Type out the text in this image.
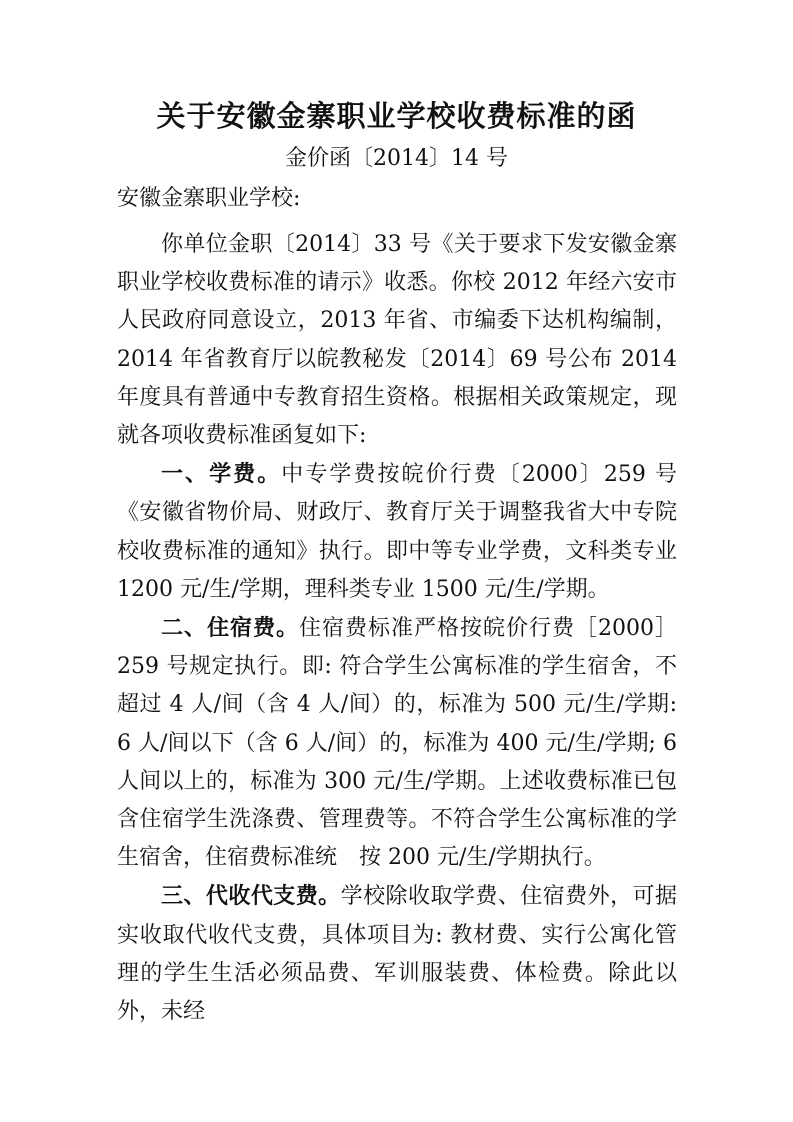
关于安徽金寨职业学校收费标准的函
金价函〔2014〕14 号
安徽金寨职业学校:

你单位金职〔2014〕33 号《关于要求下发安徽金寨职业学校收费标准的请示》收悉。你校 2012 年经六安市人民政府同意设立，2013 年省、市编委下达机构编制，2014 年省教育厅以皖教秘发〔2014〕69 号公布 2014 年度具有普通中专教育招生资格。根据相关政策规定，现就各项收费标准函复如下:

一、学费。中专学费按皖价行费〔2000〕259 号《安徽省物价局、财政厅、教育厅关于调整我省大中专院校收费标准的通知》执行。即中等专业学费，文科类专业 1200 元/生/学期，理科类专业 1500 元/生/学期。

二、住宿费。住宿费标准严格按皖价行费［2000］259 号规定执行。即: 符合学生公寓标准的学生宿舍，不超过 4 人/间（含 4 人/间）的，标准为 500 元/生/学期: 6 人/间以下（含 6 人/间）的，标准为 400 元/生/学期; 6 人间以上的，标准为 300 元/生/学期。上述收费标准已包含住宿学生洗涤费、管理费等。不符合学生公寓标准的学生宿舍，住宿费标准统　按 200 元/生/学期执行。

三、代收代支费。学校除收取学费、住宿费外，可据实收取代收代支费，具体项目为: 教材费、实行公寓化管理的学生生活必须品费、军训服装费、体检费。除此以外，未经
